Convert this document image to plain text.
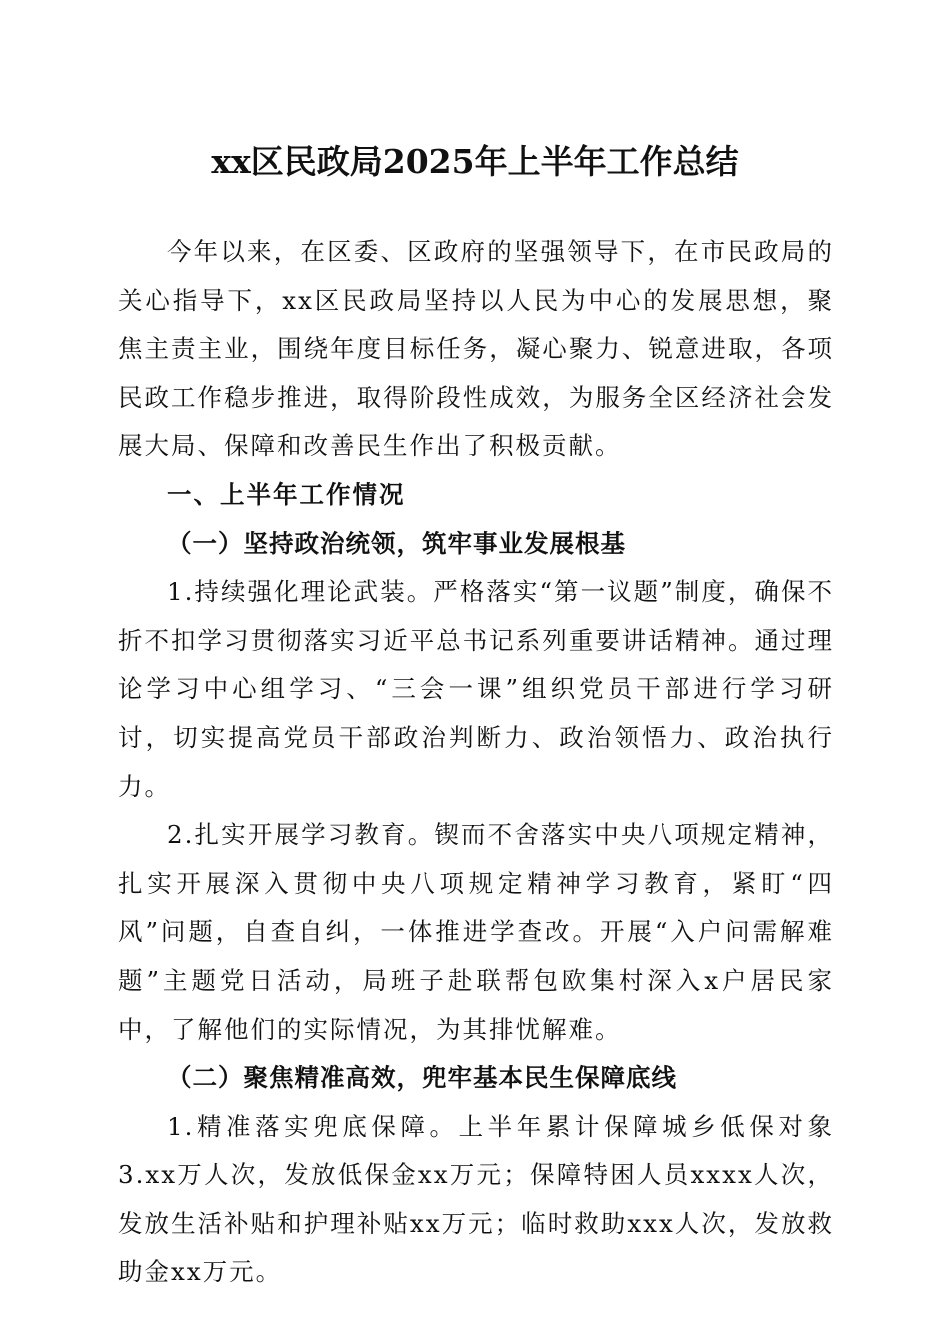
xx区民政局2025年上半年工作总结

今年以来，在区委、区政府的坚强领导下，在市民政局的关心指导下，xx区民政局坚持以人民为中心的发展思想，聚焦主责主业，围绕年度目标任务，凝心聚力、锐意进取，各项民政工作稳步推进，取得阶段性成效，为服务全区经济社会发展大局、保障和改善民生作出了积极贡献。

一、上半年工作情况

（一）坚持政治统领，筑牢事业发展根基

1.持续强化理论武装。严格落实“第一议题”制度，确保不折不扣学习贯彻落实习近平总书记系列重要讲话精神。通过理论学习中心组学习、“三会一课”组织党员干部进行学习研讨，切实提高党员干部政治判断力、政治领悟力、政治执行力。

2.扎实开展学习教育。锲而不舍落实中央八项规定精神，扎实开展深入贯彻中央八项规定精神学习教育，紧盯“四风”问题，自查自纠，一体推进学查改。开展“入户问需解难题”主题党日活动，局班子赴联帮包欧集村深入x户居民家中，了解他们的实际情况，为其排忧解难。

（二）聚焦精准高效，兜牢基本民生保障底线

1.精准落实兜底保障。上半年累计保障城乡低保对象3.xx万人次，发放低保金xx万元；保障特困人员xxxx人次，发放生活补贴和护理补贴xx万元；临时救助xxx人次，发放救助金xx万元。
